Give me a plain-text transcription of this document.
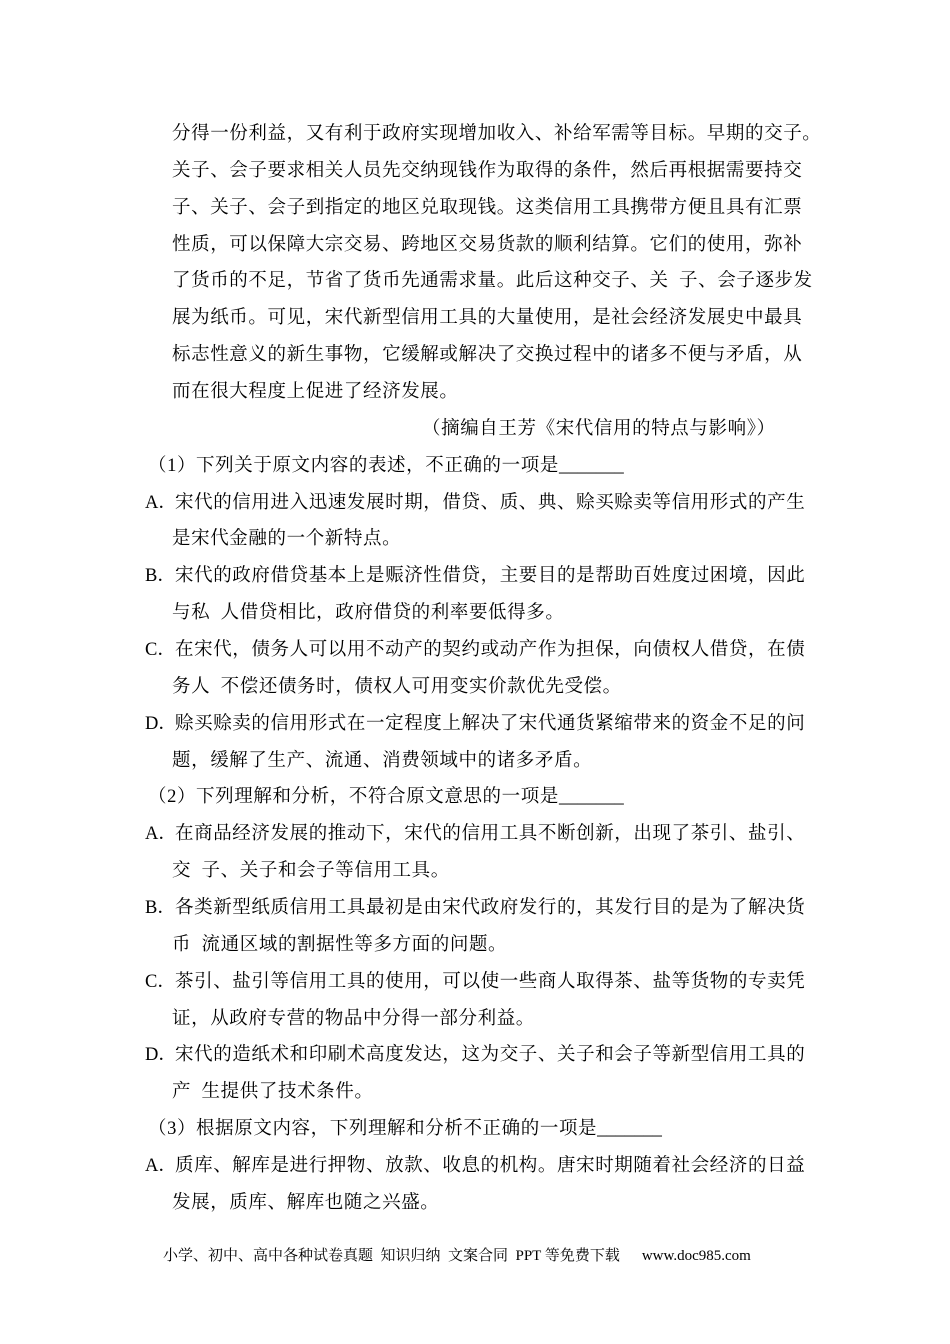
分得一份利益，又有利于政府实现增加收入、补给军需等目标。早期的交子。
关子、会子要求相关人员先交纳现钱作为取得的条件，然后再根据需要持交
子、关子、会子到指定的地区兑取现钱。这类信用工具携带方便且具有汇票
性质，可以保障大宗交易、跨地区交易货款的顺利结算。它们的使用，弥补
了货币的不足，节省了货币先通需求量。此后这种交子、关  子、会子逐步发
展为纸币。可见，宋代新型信用工具的大量使用，是社会经济发展史中最具
标志性意义的新生事物，它缓解或解决了交换过程中的诸多不便与矛盾，从
而在很大程度上促进了经济发展。
（摘编自王芳《宋代信用的特点与影响》）
（1）下列关于原文内容的表述，不正确的一项是_______
A．宋代的信用进入迅速发展时期，借贷、质、典、赊买赊卖等信用形式的产生
是宋代金融的一个新特点。
B．宋代的政府借贷基本上是赈济性借贷，主要目的是帮助百姓度过困境，因此
与私  人借贷相比，政府借贷的利率要低得多。
C．在宋代，债务人可以用不动产的契约或动产作为担保，向债权人借贷，在债
务人  不偿还债务时，债权人可用变实价款优先受偿。
D．赊买赊卖的信用形式在一定程度上解决了宋代通货紧缩带来的资金不足的问
题，缓解了生产、流通、消费领域中的诸多矛盾。
（2）下列理解和分析，不符合原文意思的一项是_______
A．在商品经济发展的推动下，宋代的信用工具不断创新，出现了茶引、盐引、
交  子、关子和会子等信用工具。
B．各类新型纸质信用工具最初是由宋代政府发行的，其发行目的是为了解决货
币  流通区域的割据性等多方面的问题。
C．茶引、盐引等信用工具的使用，可以使一些商人取得茶、盐等货物的专卖凭
证，从政府专营的物品中分得一部分利益。
D．宋代的造纸术和印刷术高度发达，这为交子、关子和会子等新型信用工具的
产  生提供了技术条件。
（3）根据原文内容，下列理解和分析不正确的一项是_______
A．质库、解库是进行押物、放款、收息的机构。唐宋时期随着社会经济的日益
发展，质库、解库也随之兴盛。
小学、初中、高中各种试卷真题  知识归纳  文案合同  PPT 等免费下载 www.doc985.com
